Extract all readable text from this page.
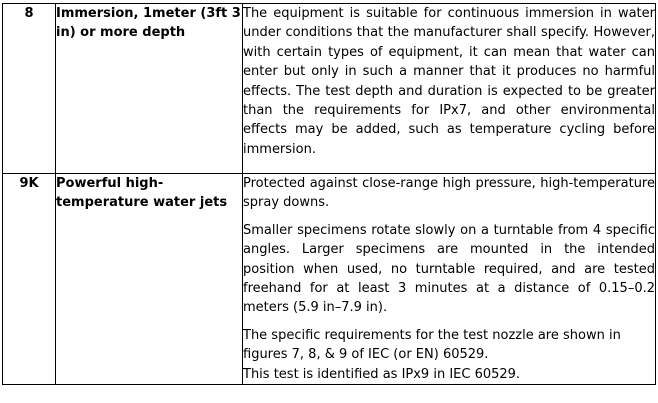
8	Immersion, 1meter (3ft 3 in) or more depth	The equipment is suitable for continuous immersion in water under conditions that the manufacturer shall specify. However, with certain types of equipment, it can mean that water can enter but only in such a manner that it produces no harmful effects. The test depth and duration is expected to be greater than the requirements for IPx7, and other environmental effects may be added, such as temperature cycling before immersion.

9K	Powerful high-temperature water jets	Protected against close-range high pressure, high-temperature spray downs.

Smaller specimens rotate slowly on a turntable from 4 specific angles. Larger specimens are mounted in the intended position when used, no turntable required, and are tested freehand for at least 3 minutes at a distance of 0.15–0.2 meters (5.9 in–7.9 in).

The specific requirements for the test nozzle are shown in figures 7, 8, & 9 of IEC (or EN) 60529.
This test is identified as IPx9 in IEC 60529.
